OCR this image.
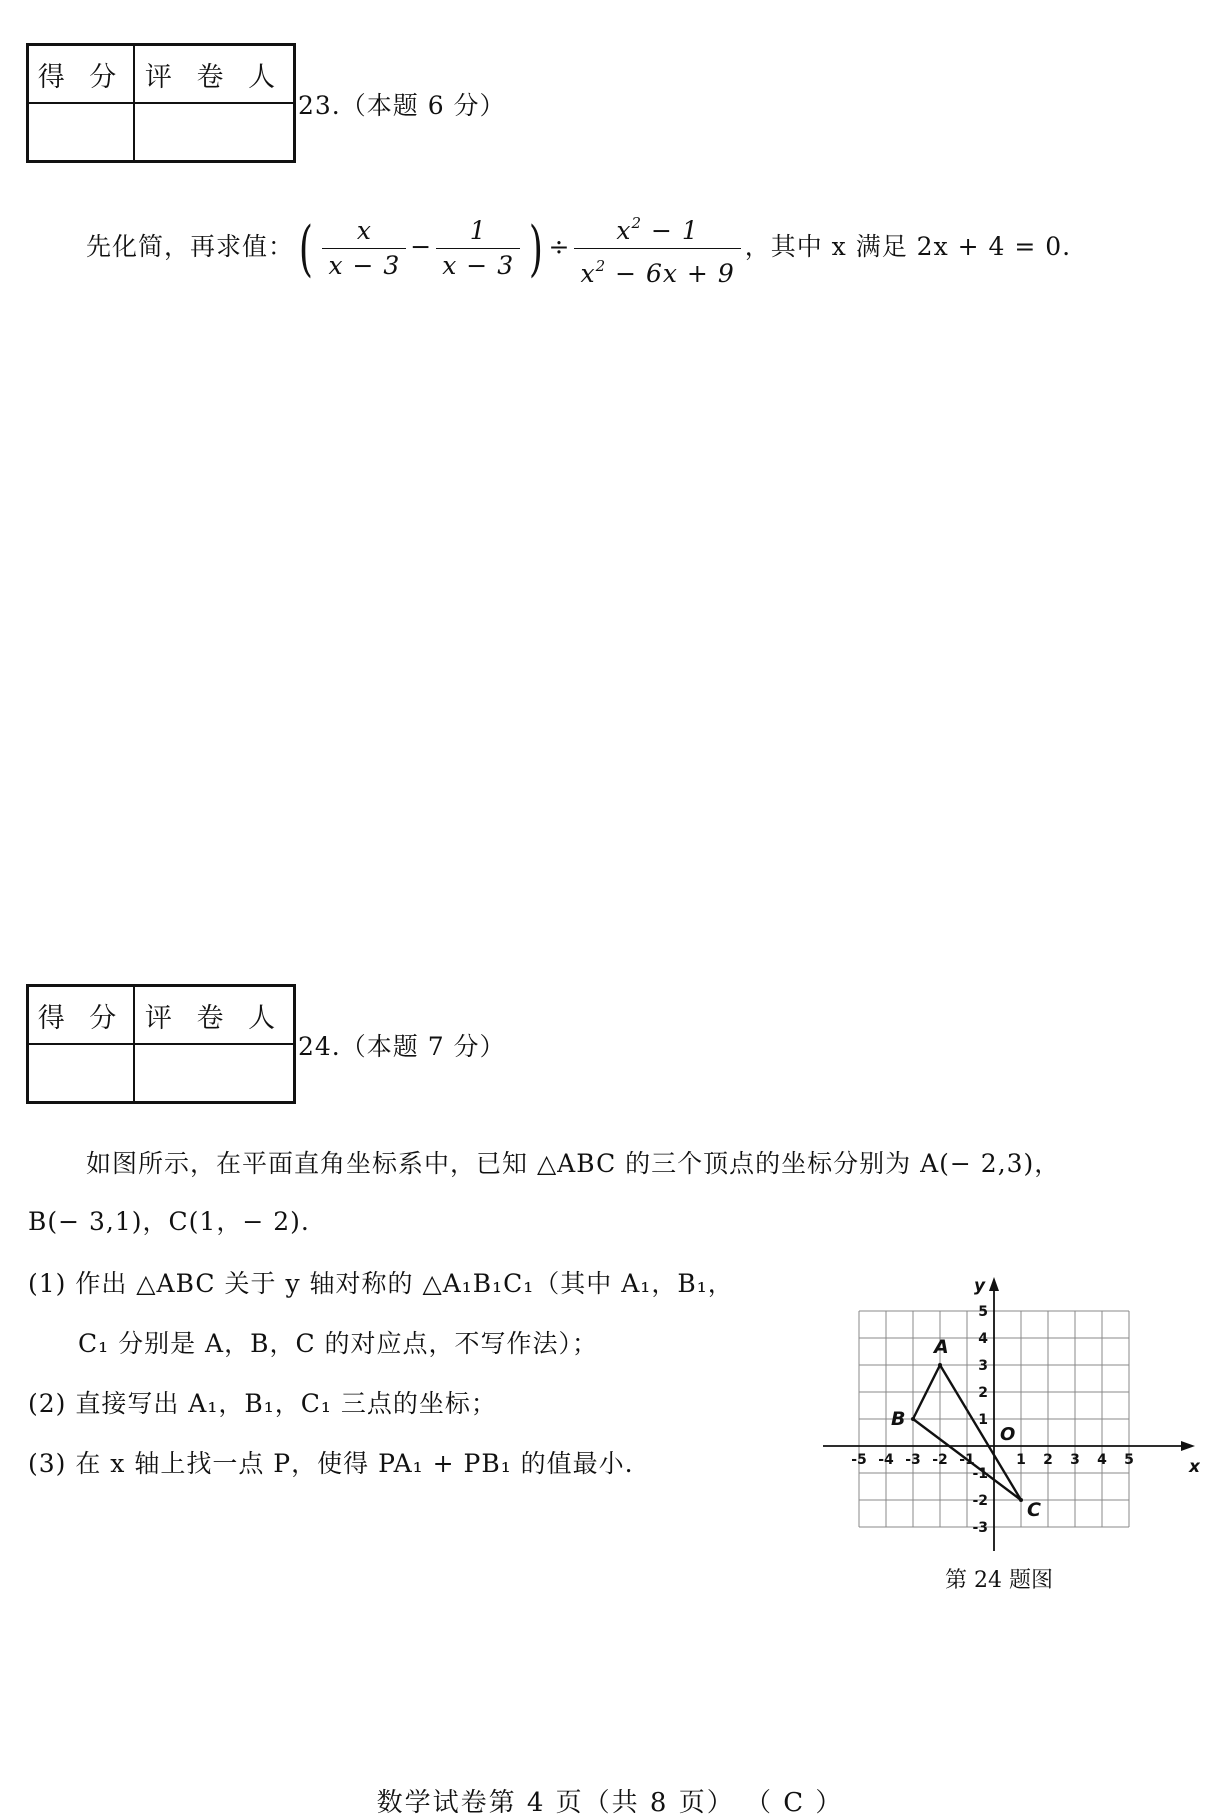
得 分	评 卷 人

23.（本题 6 分）
先化简，再求值：( $\frac{x}{x - 3} - \frac{1}{x - 3}$ ) ÷ $\frac{x^2 - 1}{x^2 - 6x + 9}$ ，其中 x 满足 2x + 4 = 0.
得 分	评 卷 人

24.（本题 7 分）
如图所示，在平面直角坐标系中，已知 △ABC 的三个顶点的坐标分别为 A(− 2,3)，
B(− 3,1)，C(1，− 2).
(1) 作出 △ABC 关于 y 轴对称的 △A₁B₁C₁（其中 A₁，B₁，
C₁ 分别是 A，B，C 的对应点，不写作法）；
(2) 直接写出 A₁，B₁，C₁ 三点的坐标；
(3) 在 x 轴上找一点 P，使得 PA₁ + PB₁ 的值最小.	x
y
O
-5 -4 -3 -2 -1	1 2 3 4 5
-3
-2
-1
1
2
3
4
5
A
B
C
第 24 题图
数学试卷第 4 页（共 8 页） （ C ）
